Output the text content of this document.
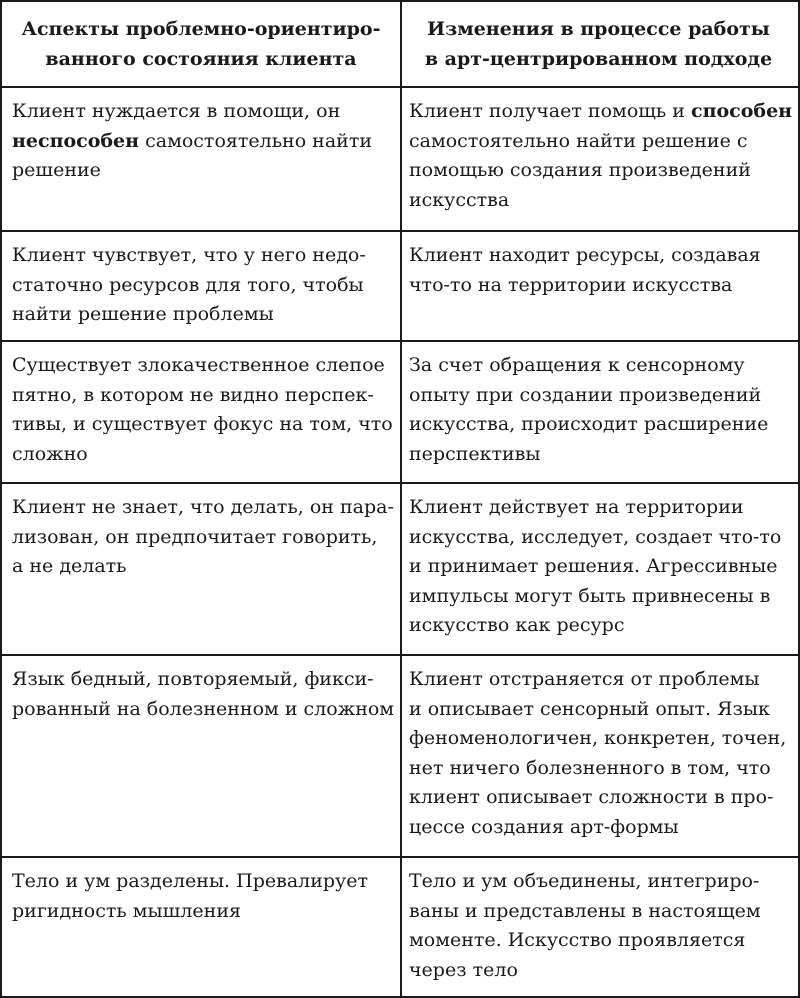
Аспекты проблемно-ориентиро-
ванного состояния клиента
Изменения в процессе работы
в арт-центрированном подходе
Клиент нуждается в помощи, он
неспособен самостоятельно найти
решение
Клиент получает помощь и способен
самостоятельно найти решение с
помощью создания произведений
искусства
Клиент чувствует, что у него недо-
статочно ресурсов для того, чтобы
найти решение проблемы
Клиент находит ресурсы, создавая
что-то на территории искусства
Существует злокачественное слепое
пятно, в котором не видно перспек-
тивы, и существует фокус на том, что
сложно
За счет обращения к сенсорному
опыту при создании произведений
искусства, происходит расширение
перспективы
Клиент не знает, что делать, он пара-
лизован, он предпочитает говорить,
а не делать
Клиент действует на территории
искусства, исследует, создает что-то
и принимает решения. Агрессивные
импульсы могут быть привнесены в
искусство как ресурс
Язык бедный, повторяемый, фикси-
рованный на болезненном и сложном
Клиент отстраняется от проблемы
и описывает сенсорный опыт. Язык
феноменологичен, конкретен, точен,
нет ничего болезненного в том, что
клиент описывает сложности в про-
цессе создания арт-формы
Тело и ум разделены. Превалирует
ригидность мышления
Тело и ум объединены, интегриро-
ваны и представлены в настоящем
моменте. Искусство проявляется
через тело
